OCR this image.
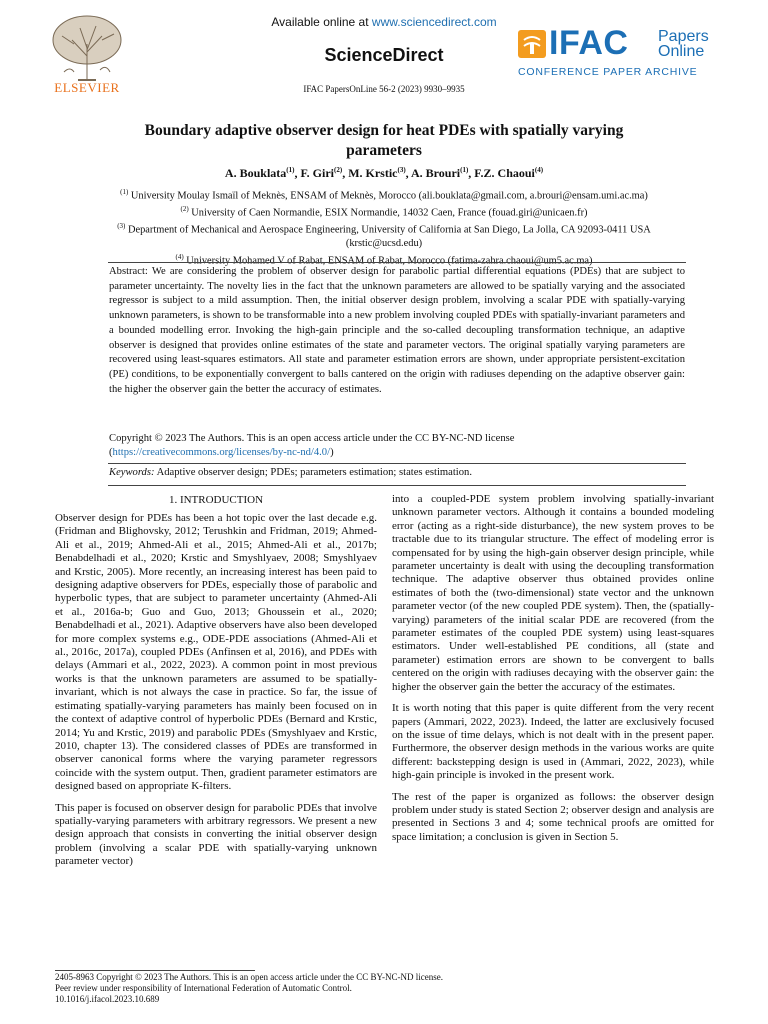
ELSEVIER
Available online at www.sciencedirect.com
ScienceDirect
IFAC PapersOnLine 56-2 (2023) 9930–9935
IFAC Papers
Online
CONFERENCE PAPER ARCHIVE
Boundary adaptive observer design for heat PDEs with spatially varying
parameters
A. Bouklata$^{(1)}$, F. Giri$^{(2)}$, M. Krstic$^{(3)}$, A. Brouri$^{(1)}$, F.Z. Chaoui$^{(4)}$
$^{(1)}$ University Moulay Ismaïl of Meknès, ENSAM of Meknès, Morocco (ali.bouklata@gmail.com, a.brouri@ensam.umi.ac.ma)
$^{(2)}$ University of Caen Normandie, ESIX Normandie, 14032 Caen, France (fouad.giri@unicaen.fr)
$^{(3)}$ Department of Mechanical and Aerospace Engineering, University of California at San Diego, La Jolla, CA 92093-0411 USA
(krstic@ucsd.edu)
$^{(4)}$ University Mohamed V of Rabat, ENSAM of Rabat, Morocco (fatima-zahra.chaoui@um5.ac.ma)
Abstract: We are considering the problem of observer design for parabolic partial differential equations (PDEs) that are subject to parameter uncertainty. The novelty lies in the fact that the unknown parameters are allowed to be spatially varying and the associated regressor is subject to a mild assumption. Then, the initial observer design problem, involving a scalar PDE with spatially-varying unknown parameters, is shown to be transformable into a new problem involving coupled PDEs with spatially-invariant parameters and a bounded modelling error. Invoking the high-gain principle and the so-called decoupling transformation technique, an adaptive observer is designed that provides online estimates of the state and parameter vectors. The original spatially varying parameters are recovered using least-squares estimators. All state and parameter estimation errors are shown, under appropriate persistent-excitation (PE) conditions, to be exponentially convergent to balls cantered on the origin with radiuses depending on the adaptive observer gain: the higher the observer gain the better the accuracy of estimates.
Copyright © 2023 The Authors. This is an open access article under the CC BY-NC-ND license
(https://creativecommons.org/licenses/by-nc-nd/4.0/)
Keywords: Adaptive observer design; PDEs; parameters estimation; states estimation.
1. INTRODUCTION

Observer design for PDEs has been a hot topic over the last decade e.g. (Fridman and Blighovsky, 2012; Terushkin and Fridman, 2019; Ahmed-Ali et al., 2019; Ahmed-Ali et al., 2015; Ahmed-Ali et al., 2017b; Benabdelhadi et al., 2020; Krstic and Smyshlyaev, 2008; Smyshlyaev and Krstic, 2005). More recently, an increasing interest has been paid to designing adaptive observers for PDEs, especially those of parabolic and hyperbolic types, that are subject to parameter uncertainty (Ahmed-Ali et al., 2016a-b; Guo and Guo, 2013; Ghoussein et al., 2020; Benabdelhadi et al., 2021). Adaptive observers have also been developed for more complex systems e.g., ODE-PDE associations (Ahmed-Ali et al., 2016c, 2017a), coupled PDEs (Anfinsen et al, 2016), and PDEs with delays (Ammari et al., 2022, 2023). A common point in most previous works is that the unknown parameters are assumed to be spatially-invariant, which is not always the case in practice. So far, the issue of estimating spatially-varying parameters has mainly been focused on in the context of adaptive control of hyperbolic PDEs (Bernard and Krstic, 2014; Yu and Krstic, 2019) and parabolic PDEs (Smyshlyaev and Krstic, 2010, chapter 13). The considered classes of PDEs are transformed in observer canonical forms where the varying parameter regressors coincide with the system output. Then, gradient parameter estimators are designed based on appropriate K-filters.

This paper is focused on observer design for parabolic PDEs that involve spatially-varying parameters with arbitrary regressors. We present a new design approach that consists in converting the initial observer design problem (involving a scalar PDE with spatially-varying unknown parameter vector)

into a coupled-PDE system problem involving spatially-invariant unknown parameter vectors. Although it contains a bounded modeling error (acting as a right-side disturbance), the new system proves to be tractable due to its triangular structure. The effect of modeling error is compensated for by using the high-gain observer design principle, while parameter uncertainty is dealt with using the decoupling transformation technique. The adaptive observer thus obtained provides online estimates of both the (two-dimensional) state vector and the unknown parameter vector (of the new coupled PDE system). Then, the (spatially-varying) parameters of the initial scalar PDE are recovered (from the parameter estimates of the coupled PDE system) using least-squares estimators. Under well-established PE conditions, all (state and parameter) estimation errors are shown to be convergent to balls centered on the origin with radiuses decaying with the observer gain: the higher the observer gain the better the accuracy of the estimates.

It is worth noting that this paper is quite different from the very recent papers (Ammari, 2022, 2023). Indeed, the latter are exclusively focused on the issue of time delays, which is not dealt with in the present paper. Furthermore, the observer design methods in the various works are quite different: backstepping design is used in (Ammari, 2022, 2023), while high-gain principle is invoked in the present work.

The rest of the paper is organized as follows: the observer design problem under study is stated Section 2; observer design and analysis are presented in Sections 3 and 4; some technical proofs are omitted for space limitation; a conclusion is given in Section 5.

2405-8963 Copyright © 2023 The Authors. This is an open access article under the CC BY-NC-ND license.
Peer review under responsibility of International Federation of Automatic Control.
10.1016/j.ifacol.2023.10.689
